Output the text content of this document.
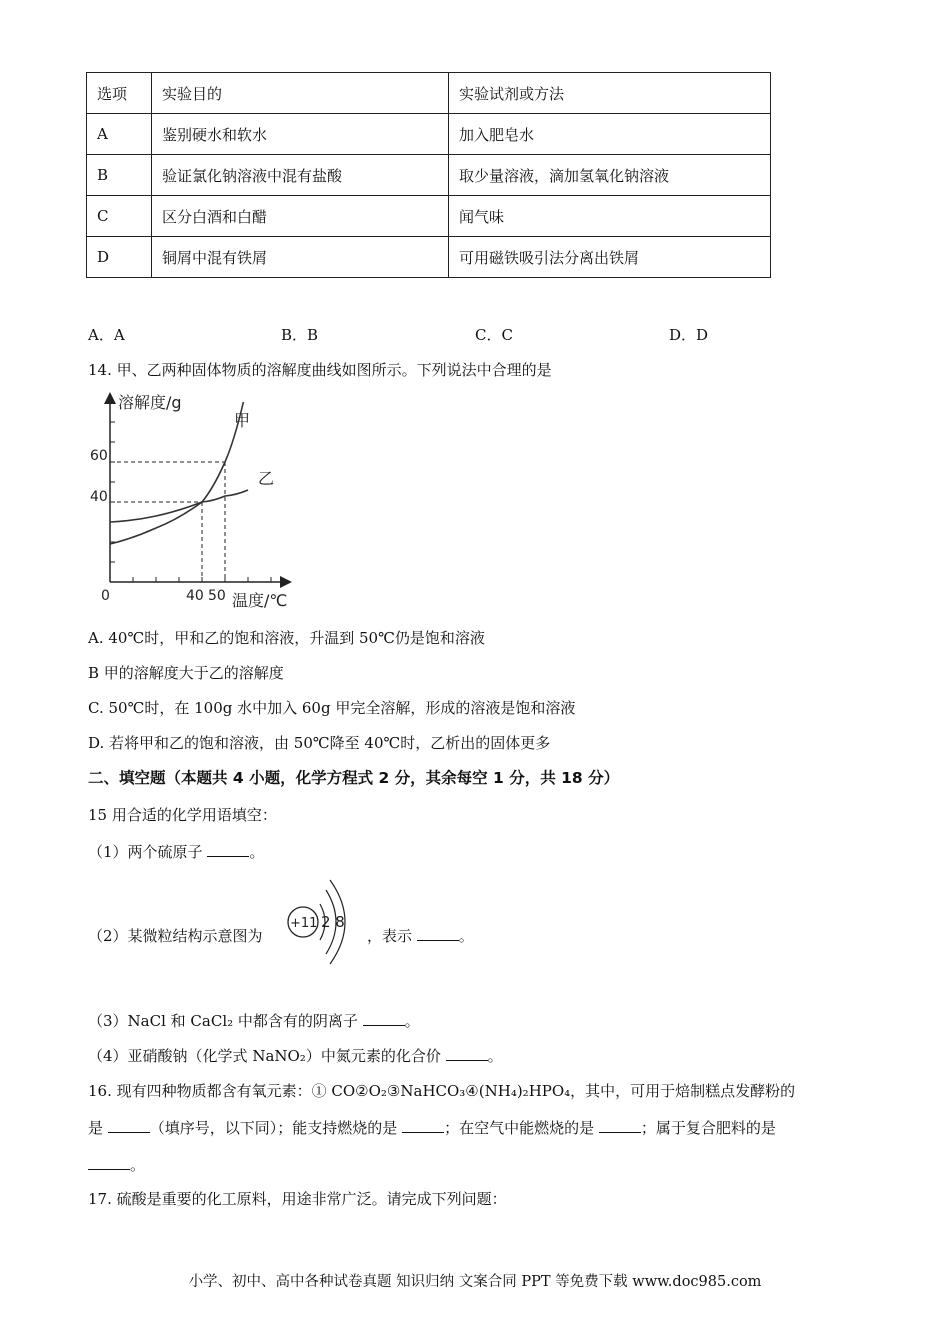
选项	实验目的	实验试剂或方法
A	鉴别硬水和软水	加入肥皂水
B	验证氯化钠溶液中混有盐酸	取少量溶液，滴加氢氧化钠溶液
C	区分白酒和白醋	闻气味
D	铜屑中混有铁屑	可用磁铁吸引法分离出铁屑
A．A	B．B	C．C	D．D
14. 甲、乙两种固体物质的溶解度曲线如图所示。下列说法中合理的是
溶解度/g
温度/℃
0	40 50
40
60
甲
乙
A. 40℃时，甲和乙的饱和溶液，升温到 50℃仍是饱和溶液
B 甲的溶解度大于乙的溶解度
C. 50℃时，在 100g 水中加入 60g 甲完全溶解，形成的溶液是饱和溶液
D. 若将甲和乙的饱和溶液，由 50℃降至 40℃时，乙析出的固体更多
二、填空题（本题共 4 小题，化学方程式 2 分，其余每空 1 分，共 18 分）
15 用合适的化学用语填空：
（1）两个硫原子	。
（2）某微粒结构示意图为
+11 2 8
，表示	。
（3）NaCl 和 CaCl₂ 中都含有的阴离子	。
（4）亚硝酸钠（化学式 NaNO₂）中氮元素的化合价	。
16. 现有四种物质都含有氧元素：① CO②O₂③NaHCO₃④(NH₄)₂HPO₄，其中，可用于焙制糕点发酵粉的
是	（填序号，以下同）；能支持燃烧的是	；在空气中能燃烧的是	；属于复合肥料的是
。
17. 硫酸是重要的化工原料，用途非常广泛。请完成下列问题：
小学、初中、高中各种试卷真题 知识归纳 文案合同 PPT 等免费下载 www.doc985.com
